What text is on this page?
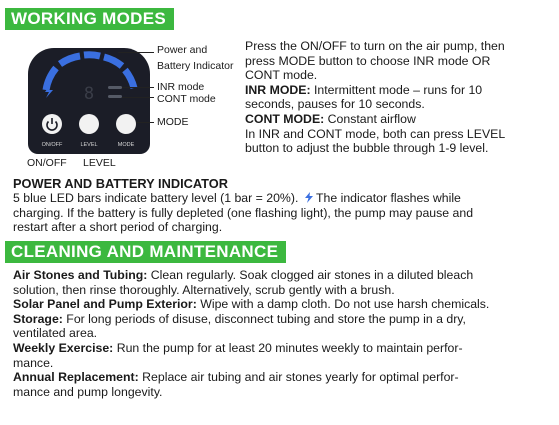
WORKING MODES
8
ON/OFF	LEVEL	MODE
Power and
Battery Indicator
INR mode
CONT mode
MODE
ON/OFF LEVEL
Press the ON/OFF to turn on the air pump, then
press MODE button to choose INR mode OR
CONT mode.
INR MODE: Intermittent mode – runs for 10
seconds, pauses for 10 seconds.
CONT MODE: Constant airflow
In INR and CONT mode, both can press LEVEL
button to adjust the bubble through 1-9 level.
POWER AND BATTERY INDICATOR
5 blue LED bars indicate battery level (1 bar = 20%).  The indicator flashes while
charging. If the battery is fully depleted (one flashing light), the pump may pause and
restart after a short period of charging.
CLEANING AND MAINTENANCE
Air Stones and Tubing: Clean regularly. Soak clogged air stones in a diluted bleach
solution, then rinse thoroughly. Alternatively, scrub gently with a brush.
Solar Panel and Pump Exterior: Wipe with a damp cloth. Do not use harsh chemicals.
Storage: For long periods of disuse, disconnect tubing and store the pump in a dry,
ventilated area.
Weekly Exercise: Run the pump for at least 20 minutes weekly to maintain perfor-
mance.
Annual Replacement: Replace air tubing and air stones yearly for optimal perfor-
mance and pump longevity.
